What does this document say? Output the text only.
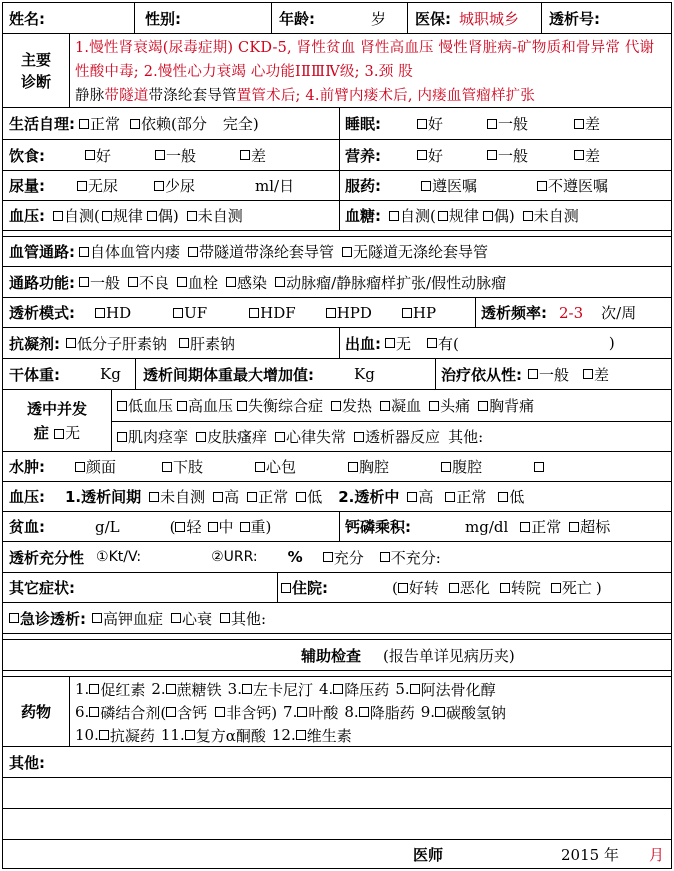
姓名:	性别:	年龄:	岁 医保: 城职城乡 透析号:
主要
诊断
1.慢性肾衰竭(尿毒症期) CKD-5, 肾性贫血 肾性高血压 慢性肾脏病-矿物质和骨异常 代谢性酸中毒; 2.慢性心力衰竭 心功能ⅠⅡⅢⅣ级; 3.颈 股
静脉带隧道带涤纶套导管置管术后; 4.前臂内瘘术后, 内瘘血管瘤样扩张
生活自理: 正常 依赖(部分 完全)	睡眠:	好	一般	差
饮食:	好	一般	差	营养:	好	一般	差
尿量:	无尿	少尿	ml/日	服药:	遵医嘱	不遵医嘱
血压: 自测( 规律 偶) 未自测	血糖: 自测( 规律 偶) 未自测
血管通路: 自体血管内瘘 带隧道带涤纶套导管 无隧道无涤纶套导管
通路功能: 一般 不良 血栓 感染 动脉瘤/静脉瘤样扩张/假性动脉瘤
透析模式: HD	UF	HDF	HPD	HP	透析频率: 2-3 次/周
抗凝剂: 低分子肝素钠 肝素钠	出血: 无 有(	)
干体重:	Kg 透析间期体重最大增加值:	Kg	治疗依从性: 一般 差
透中并发
症 无
低血压 高血压 失衡综合症 发热 凝血 头痛 胸背痛
肌肉痉挛 皮肤瘙痒 心律失常 透析器反应 其他:
水肿:	颜面	下肢	心包	胸腔	腹腔
血压: 1.透析间期 未自测 高 正常 低 2.透析中 高 正常 低
贫血:	g/L	( 轻 中 重)	钙磷乘积:	mg/dl 正常 超标
透析充分性 ①Kt/V:	②URR: % 充分 不充分:
其它症状:	住院:	( 好转 恶化 转院 死亡 )
急诊透析: 高钾血症 心衰 其他:
辅助检查 (报告单详见病历夹)
药物
1. 促红素 2. 蔗糖铁 3. 左卡尼汀 4. 降压药 5. 阿法骨化醇
6. 磷结合剂( 含钙 非含钙) 7. 叶酸 8. 降脂药 9. 碳酸氢钠
10. 抗凝药 11. 复方α酮酸 12. 维生素
其他:
医师	2015 年 月
